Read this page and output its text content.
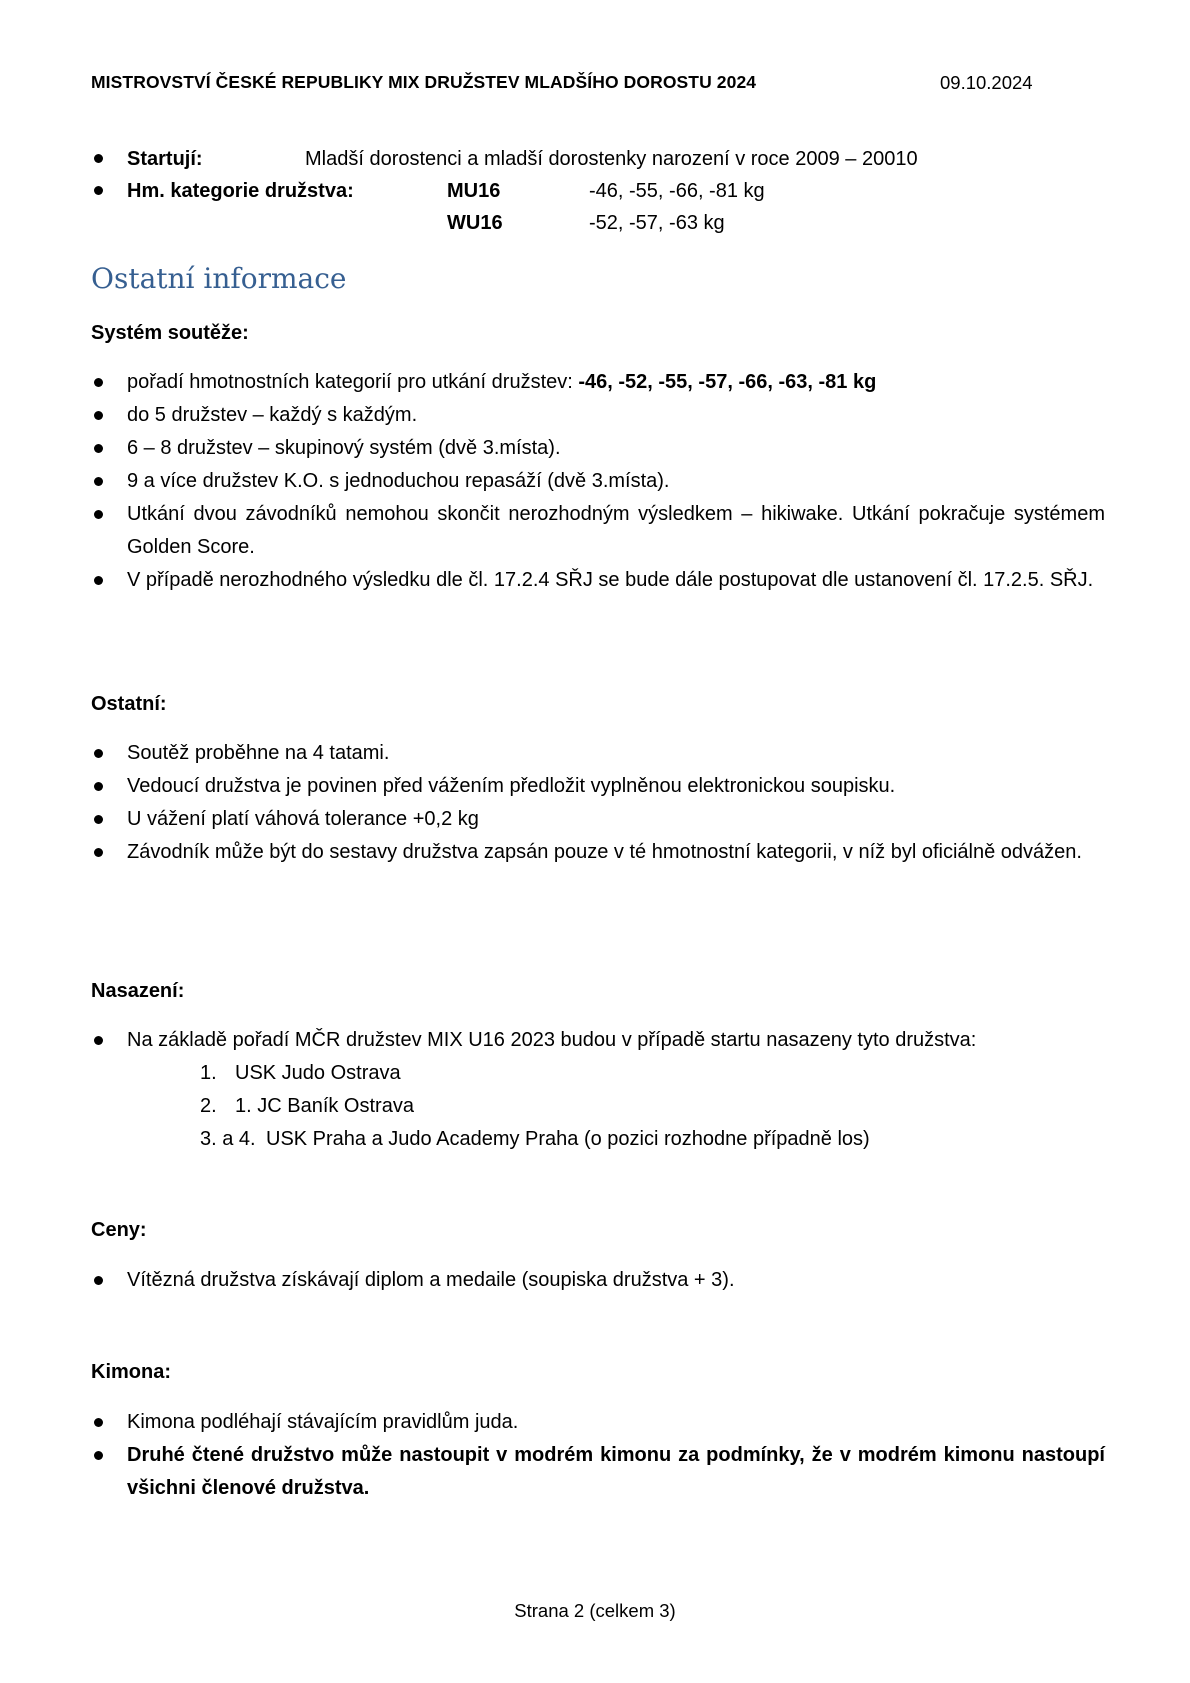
MISTROVSTVÍ ČESKÉ REPUBLIKY MIX DRUŽSTEV MLADŠÍHO DOROSTU 2024	09.10.2024
Startují:	Mladší dorostenci a mladší dorostenky narození v roce 2009 – 20010
Hm. kategorie družstva:	MU16	-46, -55, -66, -81 kg
WU16	-52, -57, -63 kg
Ostatní informace
Systém soutěže:
pořadí hmotnostních kategorií pro utkání družstev: -46, -52, -55, -57, -66, -63, -81 kg
do 5 družstev – každý s každým.
6 – 8 družstev – skupinový systém (dvě 3.místa).
9 a více družstev K.O. s jednoduchou repasáží (dvě 3.místa).
Utkání dvou závodníků nemohou skončit nerozhodným výsledkem – hikiwake. Utkání pokračuje systémem Golden Score.
V případě nerozhodného výsledku dle čl. 17.2.4 SŘJ se bude dále postupovat dle ustanovení čl. 17.2.5. SŘJ.
Ostatní:
Soutěž proběhne na 4 tatami.
Vedoucí družstva je povinen před vážením předložit vyplněnou elektronickou soupisku.
U vážení platí váhová tolerance +0,2 kg
Závodník může být do sestavy družstva zapsán pouze v té hmotnostní kategorii, v níž byl oficiálně odvážen.
Nasazení:
Na základě pořadí MČR družstev MIX U16 2023 budou v případě startu nasazeny tyto družstva:
1. USK Judo Ostrava
2. 1. JC Baník Ostrava
3. a 4. USK Praha a Judo Academy Praha (o pozici rozhodne případně los)
Ceny:
Vítězná družstva získávají diplom a medaile (soupiska družstva + 3).
Kimona:
Kimona podléhají stávajícím pravidlům juda.
Druhé čtené družstvo může nastoupit v modrém kimonu za podmínky, že v modrém kimonu nastoupí všichni členové družstva.
Strana 2 (celkem 3)
